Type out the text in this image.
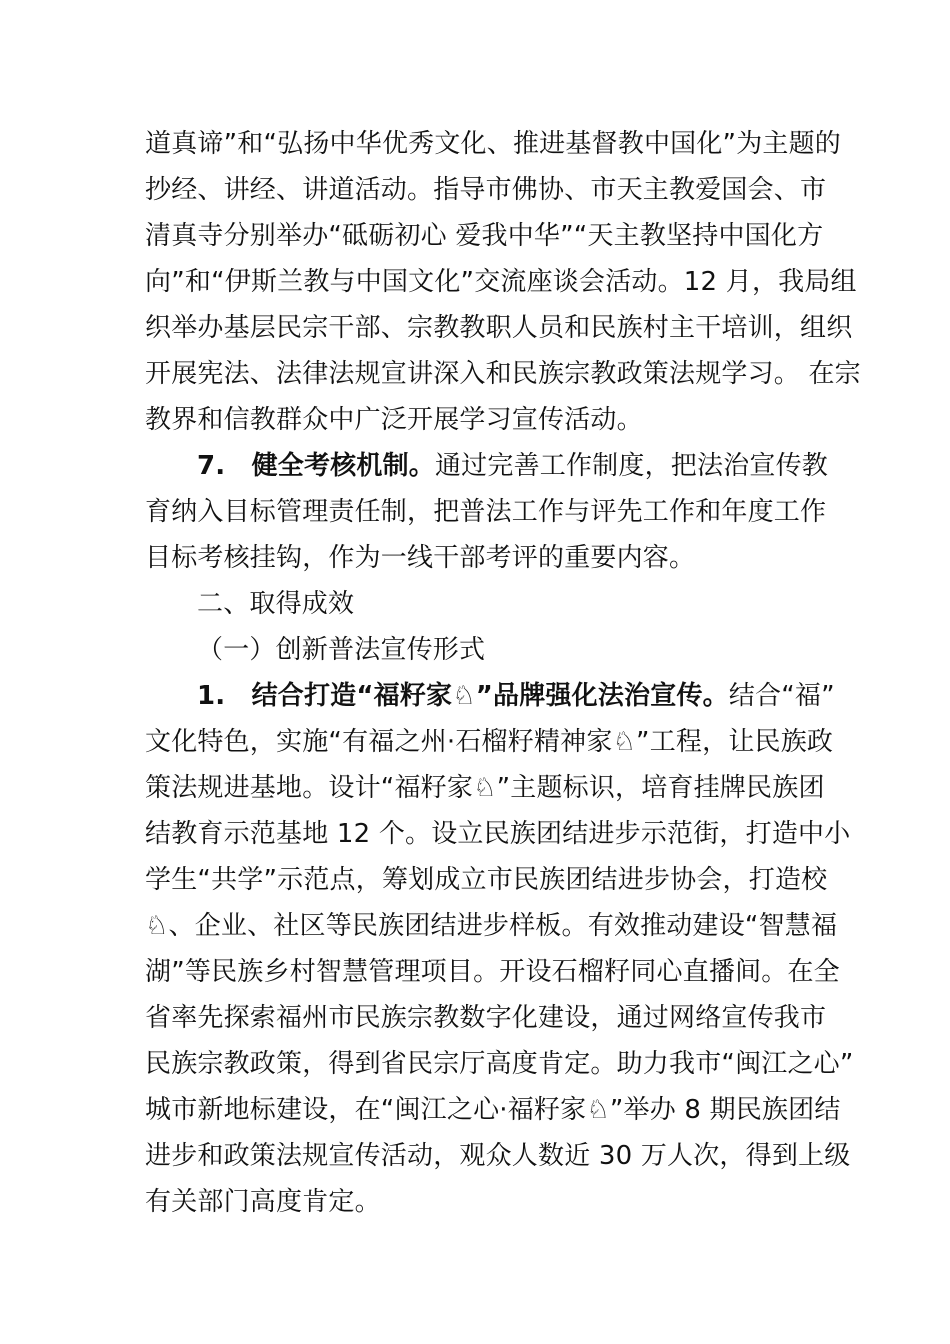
道真谛”和“弘扬中华优秀文化、推进基督教中国化”为主题的
抄经、讲经、讲道活动。指导市佛协、市天主教爱国会、市
清真寺分别举办“砥砺初心 爱我中华”“天主教坚持中国化方
向”和“伊斯兰教与中国文化”交流座谈会活动。12 月，我局组
织举办基层民宗干部、宗教教职人员和民族村主干培训，组织
开展宪法、法律法规宣讲深入和民族宗教政策法规学习。 在宗
教界和信教群众中广泛开展学习宣传活动。
7.　健全考核机制。通过完善工作制度，把法治宣传教
育纳入目标管理责任制，把普法工作与评先工作和年度工作
目标考核挂钩，作为一线干部考评的重要内容。
二、取得成效
（一）创新普法宣传形式
1.　结合打造“福籽家♘”品牌强化法治宣传。结合“福”
文化特色，实施“有福之州·石榴籽精神家♘”工程，让民族政
策法规进基地。设计“福籽家♘”主题标识，培育挂牌民族团
结教育示范基地 12 个。设立民族团结进步示范街，打造中小
学生“共学”示范点，筹划成立市民族团结进步协会，打造校
♘、企业、社区等民族团结进步样板。有效推动建设“智慧福
湖”等民族乡村智慧管理项目。开设石榴籽同心直播间。在全
省率先探索福州市民族宗教数字化建设，通过网络宣传我市
民族宗教政策，得到省民宗厅高度肯定。助力我市“闽江之心”
城市新地标建设，在“闽江之心·福籽家♘”举办 8 期民族团结
进步和政策法规宣传活动，观众人数近 30 万人次，得到上级
有关部门高度肯定。
